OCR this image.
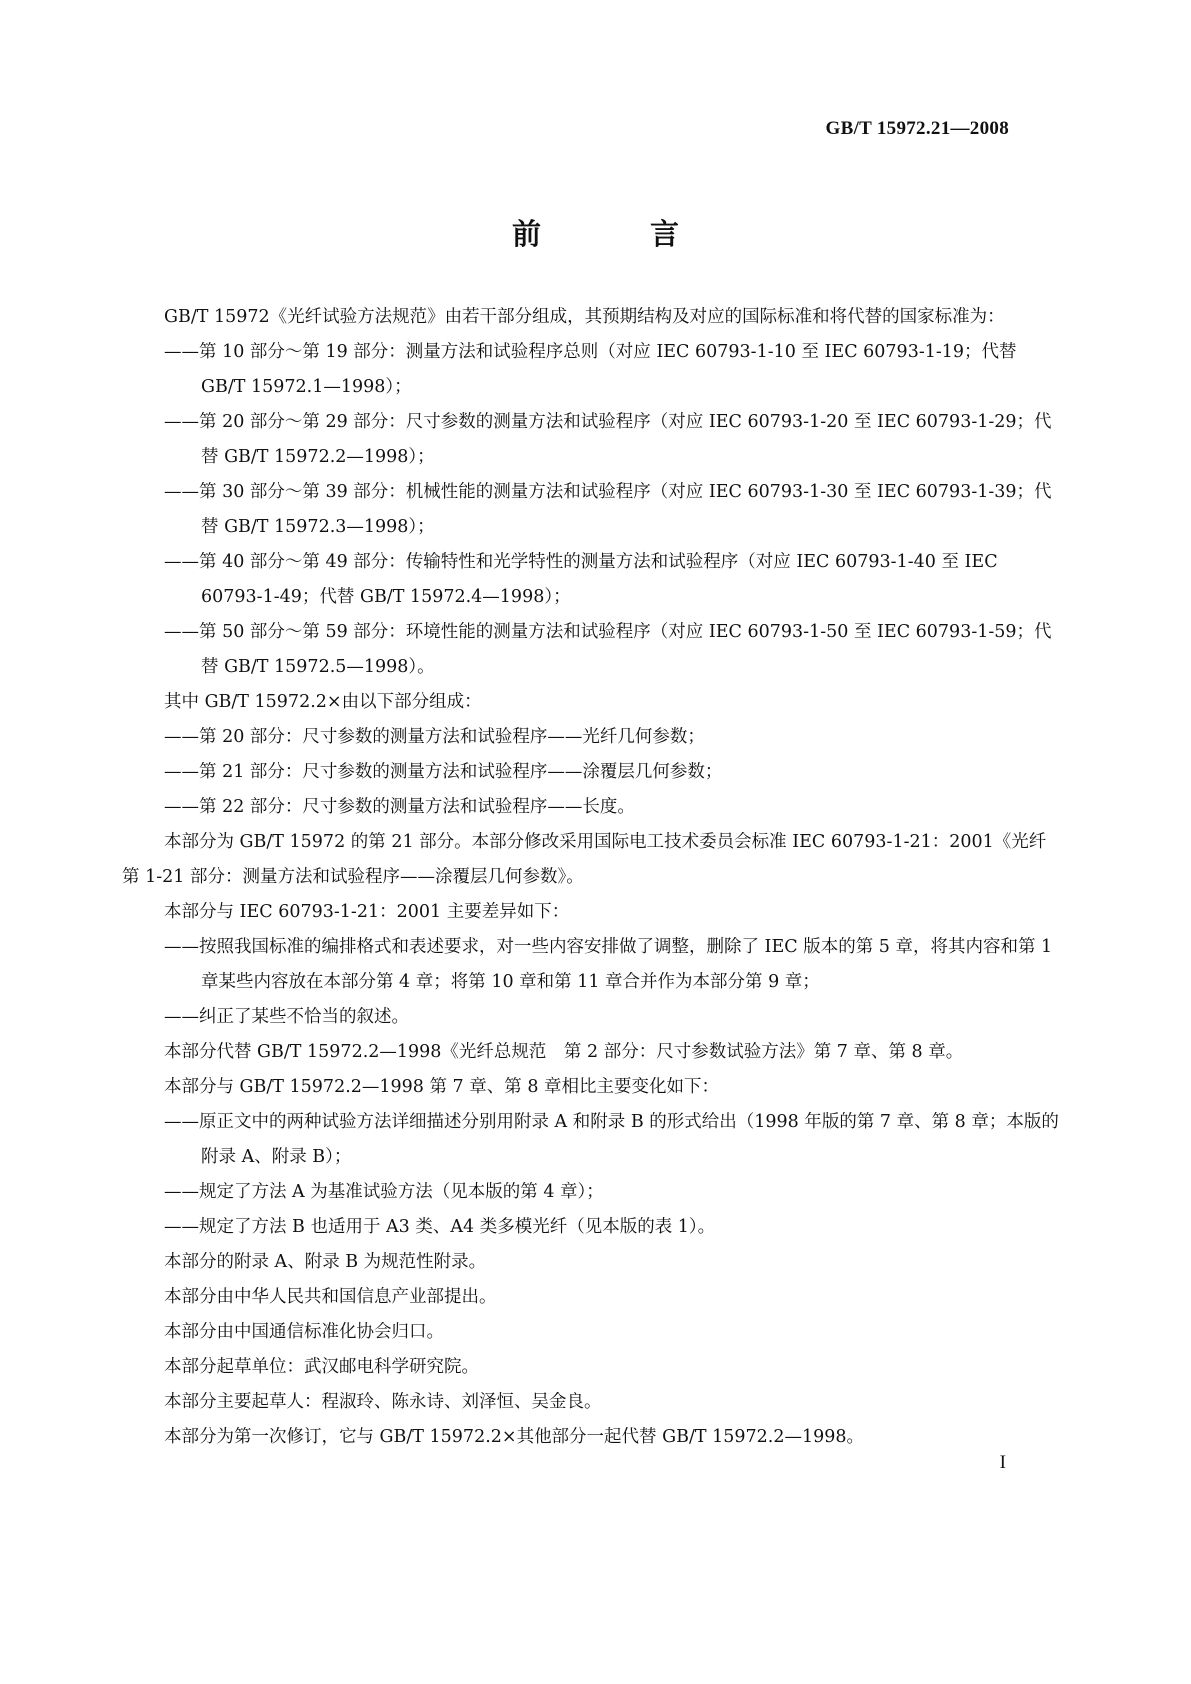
GB/T 15972.21—2008
前　言

GB/T 15972《光纤试验方法规范》由若干部分组成，其预期结构及对应的国际标准和将代替的国家标准为：

——第 10 部分～第 19 部分：测量方法和试验程序总则（对应 IEC 60793-1-10 至 IEC 60793-1-19；代替 GB/T 15972.1—1998）；

——第 20 部分～第 29 部分：尺寸参数的测量方法和试验程序（对应 IEC 60793-1-20 至 IEC 60793-1-29；代替 GB/T 15972.2—1998）；

——第 30 部分～第 39 部分：机械性能的测量方法和试验程序（对应 IEC 60793-1-30 至 IEC 60793-1-39；代替 GB/T 15972.3—1998）；

——第 40 部分～第 49 部分：传输特性和光学特性的测量方法和试验程序（对应 IEC 60793-1-40 至 IEC 60793-1-49；代替 GB/T 15972.4—1998）；

——第 50 部分～第 59 部分：环境性能的测量方法和试验程序（对应 IEC 60793-1-50 至 IEC 60793-1-59；代替 GB/T 15972.5—1998）。

其中 GB/T 15972.2×由以下部分组成：

——第 20 部分：尺寸参数的测量方法和试验程序——光纤几何参数；

——第 21 部分：尺寸参数的测量方法和试验程序——涂覆层几何参数；

——第 22 部分：尺寸参数的测量方法和试验程序——长度。

本部分为 GB/T 15972 的第 21 部分。本部分修改采用国际电工技术委员会标准 IEC 60793-1-21：2001《光纤　第 1-21 部分：测量方法和试验程序——涂覆层几何参数》。

本部分与 IEC 60793-1-21：2001 主要差异如下：

——按照我国标准的编排格式和表述要求，对一些内容安排做了调整，删除了 IEC 版本的第 5 章，将其内容和第 1 章某些内容放在本部分第 4 章；将第 10 章和第 11 章合并作为本部分第 9 章；

——纠正了某些不恰当的叙述。

本部分代替 GB/T 15972.2—1998《光纤总规范　第 2 部分：尺寸参数试验方法》第 7 章、第 8 章。

本部分与 GB/T 15972.2—1998 第 7 章、第 8 章相比主要变化如下：

——原正文中的两种试验方法详细描述分别用附录 A 和附录 B 的形式给出（1998 年版的第 7 章、第 8 章；本版的附录 A、附录 B）；

——规定了方法 A 为基准试验方法（见本版的第 4 章）；

——规定了方法 B 也适用于 A3 类、A4 类多模光纤（见本版的表 1）。

本部分的附录 A、附录 B 为规范性附录。

本部分由中华人民共和国信息产业部提出。

本部分由中国通信标准化协会归口。

本部分起草单位：武汉邮电科学研究院。

本部分主要起草人：程淑玲、陈永诗、刘泽恒、吴金良。

本部分为第一次修订，它与 GB/T 15972.2×其他部分一起代替 GB/T 15972.2—1998。

I
